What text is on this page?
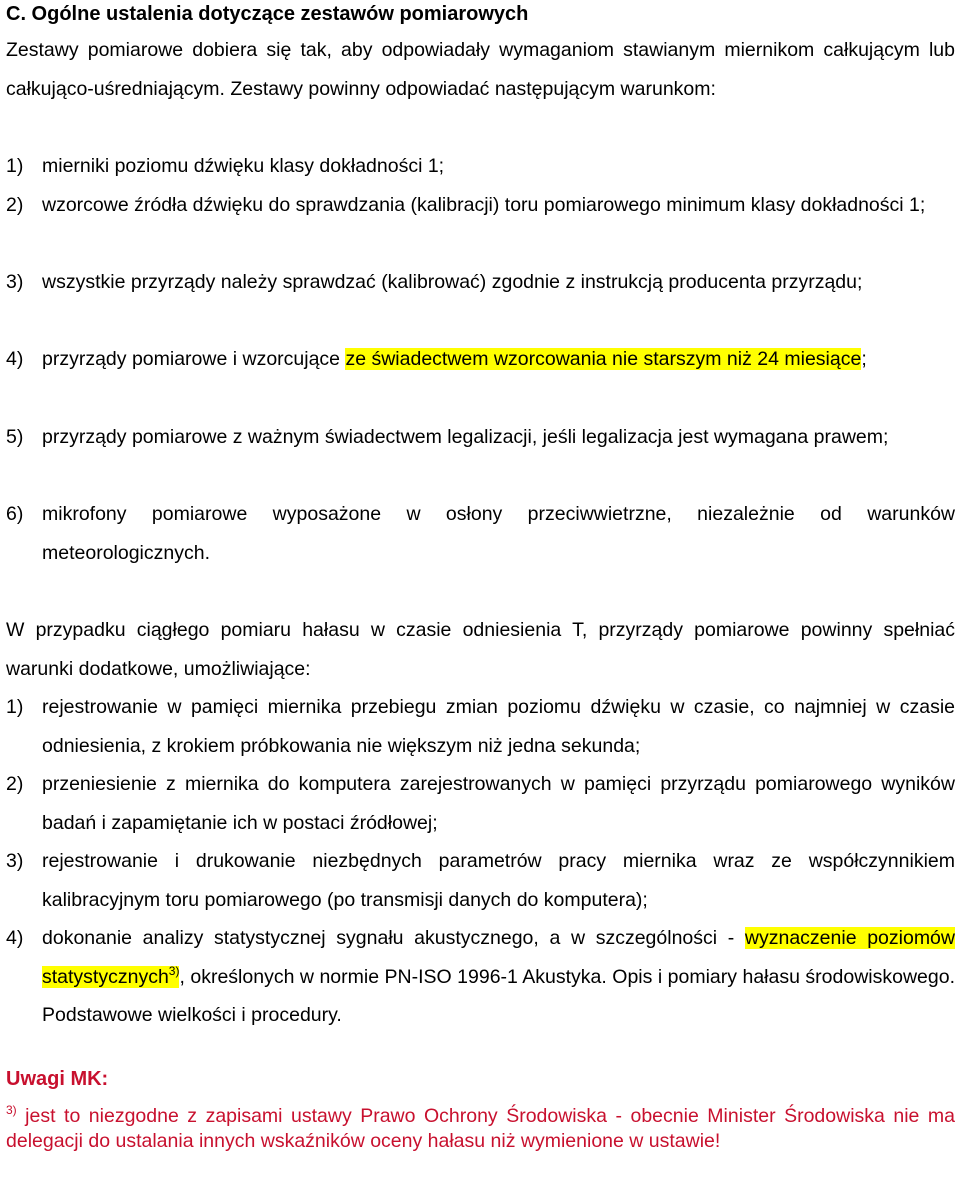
C. Ogólne ustalenia dotyczące zestawów pomiarowych
Zestawy pomiarowe dobiera się tak, aby odpowiadały wymaganiom stawianym miernikom całkującym lub całkująco-uśredniającym. Zestawy powinny odpowiadać następującym warunkom:
1) mierniki poziomu dźwięku klasy dokładności 1;
2) wzorcowe źródła dźwięku do sprawdzania (kalibracji) toru pomiarowego minimum klasy dokładności 1;
3) wszystkie przyrządy należy sprawdzać (kalibrować) zgodnie z instrukcją producenta przyrządu;
4) przyrządy pomiarowe i wzorcujące ze świadectwem wzorcowania nie starszym niż 24 miesiące;
5) przyrządy pomiarowe z ważnym świadectwem legalizacji, jeśli legalizacja jest wymagana prawem;
6) mikrofony pomiarowe wyposażone w osłony przeciwwietrzne, niezależnie od warunków meteorologicznych.
W przypadku ciągłego pomiaru hałasu w czasie odniesienia T, przyrządy pomiarowe powinny spełniać warunki dodatkowe, umożliwiające:
1) rejestrowanie w pamięci miernika przebiegu zmian poziomu dźwięku w czasie, co najmniej w czasie odniesienia, z krokiem próbkowania nie większym niż jedna sekunda;
2) przeniesienie z miernika do komputera zarejestrowanych w pamięci przyrządu pomiarowego wyników badań i zapamiętanie ich w postaci źródłowej;
3) rejestrowanie i drukowanie niezbędnych parametrów pracy miernika wraz ze współczynnikiem kalibracyjnym toru pomiarowego (po transmisji danych do komputera);
4) dokonanie analizy statystycznej sygnału akustycznego, a w szczególności - wyznaczenie poziomów statystycznych$^{3)}$, określonych w normie PN-ISO 1996-1 Akustyka. Opis i pomiary hałasu środowiskowego. Podstawowe wielkości i procedury.
Uwagi MK:
$^{3)}$ jest to niezgodne z zapisami ustawy Prawo Ochrony Środowiska - obecnie Minister Środowiska nie ma delegacji do ustalania innych wskaźników oceny hałasu niż wymienione w ustawie!
